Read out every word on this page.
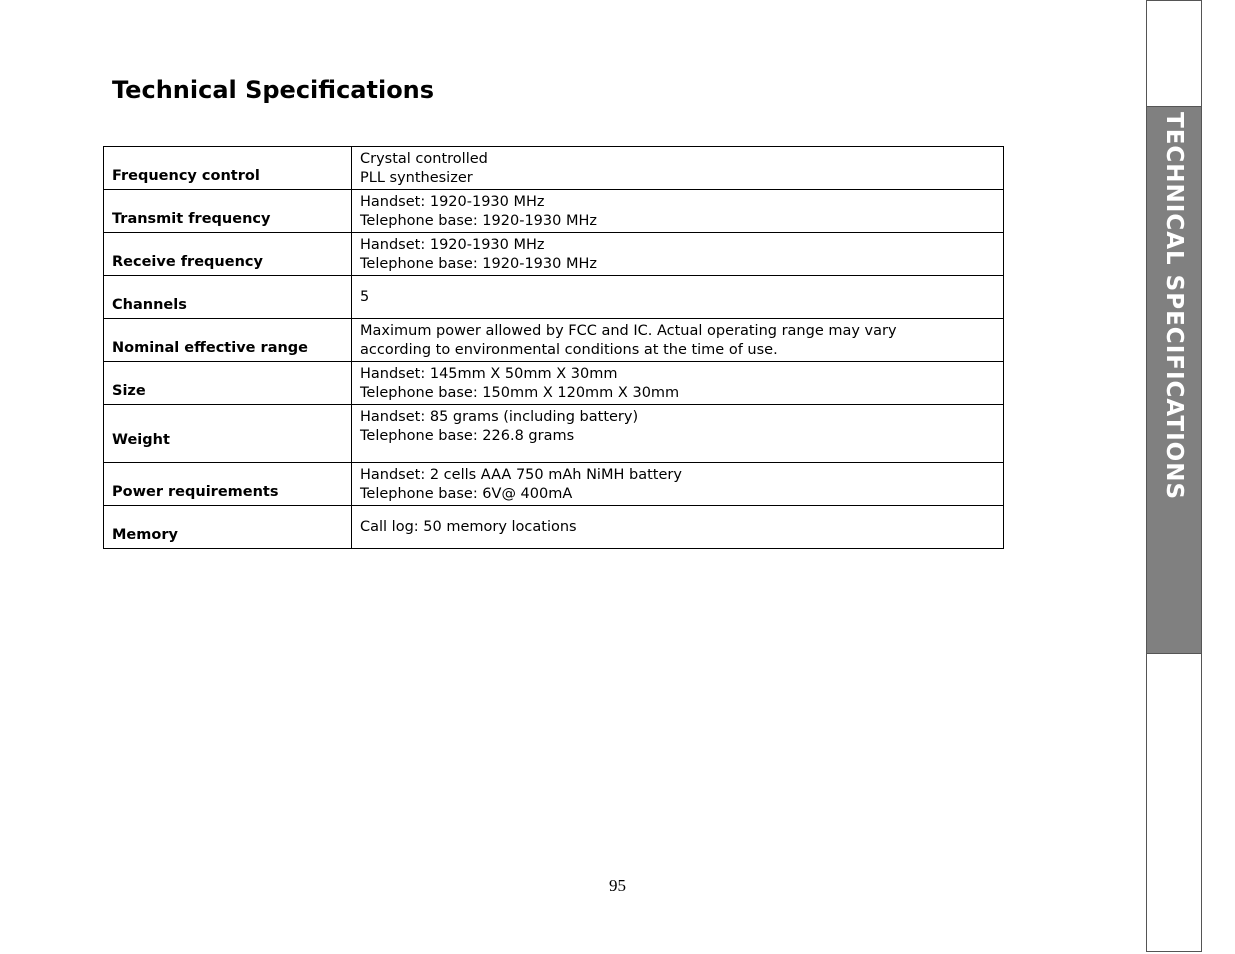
Technical Specifications
Frequency control	Crystal controlled
PLL synthesizer

Transmit frequency	Handset: 1920-1930 MHz
Telephone base: 1920-1930 MHz

Receive frequency	Handset: 1920-1930 MHz
Telephone base: 1920-1930 MHz

Channels	5

Nominal effective range	Maximum power allowed by FCC and IC. Actual operating range may vary
according to environmental conditions at the time of use.

Size	Handset: 145mm X 50mm X 30mm
Telephone base: 150mm X 120mm X 30mm

Weight	Handset: 85 grams (including battery)
Telephone base: 226.8 grams

Power requirements	Handset: 2 cells AAA 750 mAh NiMH battery
Telephone base: 6V@ 400mA

Memory	Call log: 50 memory locations
TECHNICAL SPECIFICATIONS
95
